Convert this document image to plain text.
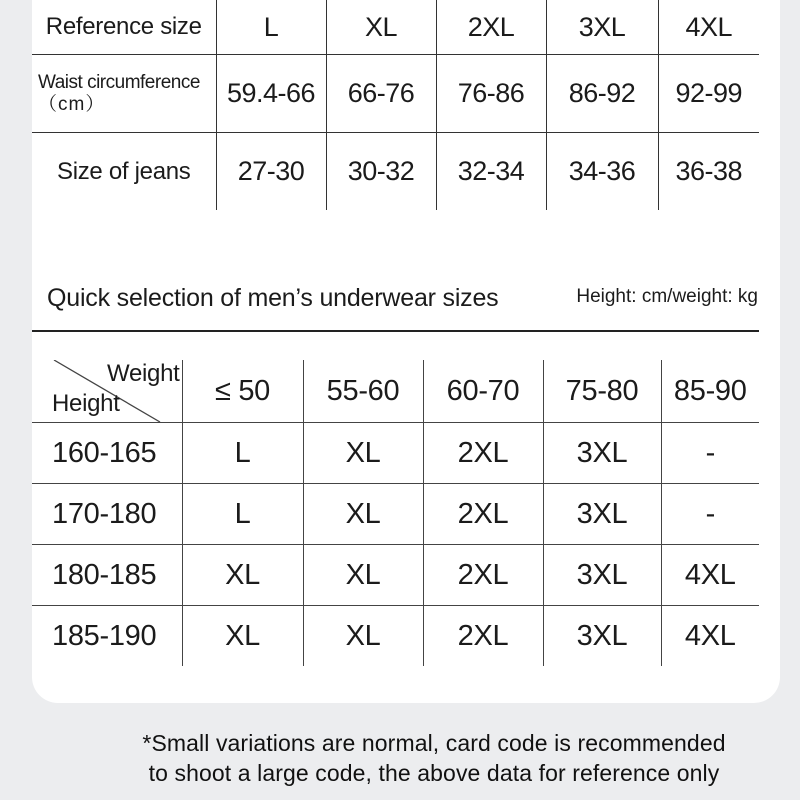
Reference size	L	XL	2XL	3XL	4XL
Waist circumference
（cm）	59.4-66	66-76	76-86	86-92	92-99
Size of jeans	27-30	30-32	32-34	34-36	36-38
Quick selection of men’s underwear sizes	Height: cm/weight: kg
Weight
Height	≤ 50	55-60	60-70	75-80	85-90
160-165	L	XL	2XL	3XL	-
170-180	L	XL	2XL	3XL	-
180-185	XL	XL	2XL	3XL	4XL
185-190	XL	XL	2XL	3XL	4XL
*Small variations are normal, card code is recommended
to shoot a large code, the above data for reference only
